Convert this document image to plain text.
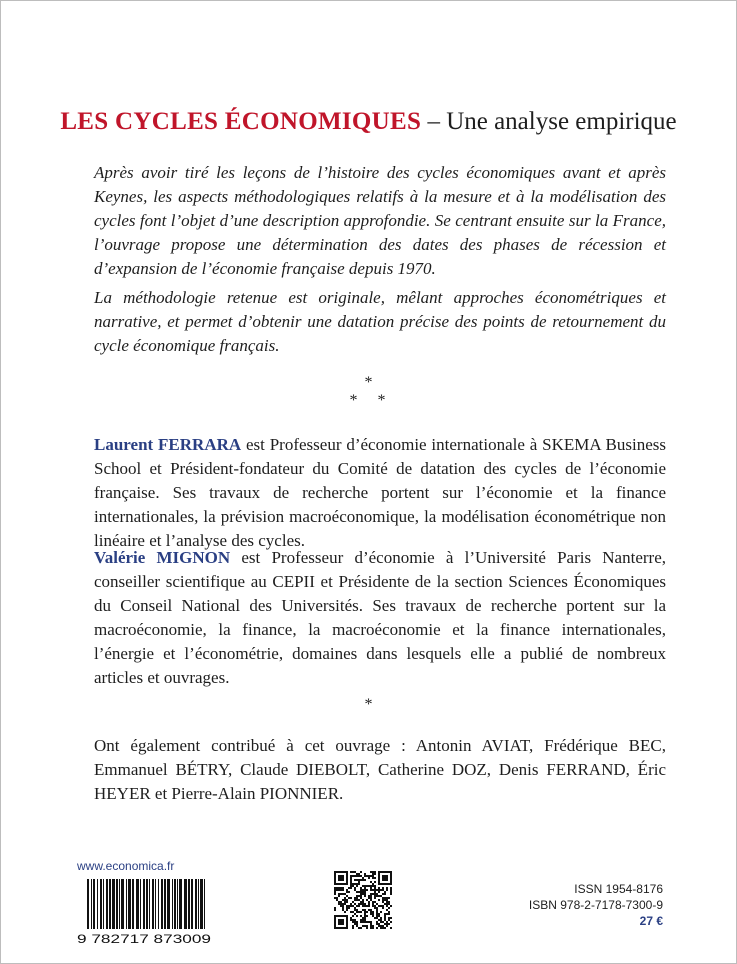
LES CYCLES ÉCONOMIQUES – Une analyse empirique

Après avoir tiré les leçons de l’histoire des cycles économiques avant et après Keynes, les aspects méthodologiques relatifs à la mesure et à la modélisation des cycles font l’objet d’une description approfondie. Se centrant ensuite sur la France, l’ouvrage propose une détermination des dates des phases de récession et d’expansion de l’économie française depuis 1970.

La méthodologie retenue est originale, mêlant approches économétriques et narrative, et permet d’obtenir une datation précise des points de retournement du cycle économique français.

*
*   *

Laurent FERRARA est Professeur d’économie internationale à SKEMA Business School et Président-fondateur du Comité de datation des cycles de l’économie française. Ses travaux de recherche portent sur l’économie et la finance internationales, la prévision macroéconomique, la modélisation économétrique non linéaire et l’analyse des cycles.

Valérie MIGNON est Professeur d’économie à l’Université Paris Nanterre, conseiller scientifique au CEPII et Présidente de la section Sciences Économiques du Conseil National des Universités. Ses travaux de recherche portent sur la macroéconomie, la finance, la macroéconomie et la finance internationales, l’énergie et l’économétrie, domaines dans lesquels elle a publié de nombreux articles et ouvrages.

*

Ont également contribué à cet ouvrage : Antonin AVIAT, Frédérique BEC, Emmanuel BÉTRY, Claude DIEBOLT, Catherine DOZ, Denis FERRAND, Éric HEYER et Pierre-Alain PIONNIER.

www.economica.fr
9 782717 873009
ISSN 1954-8176
ISBN 978-2-7178-7300-9
27 €
